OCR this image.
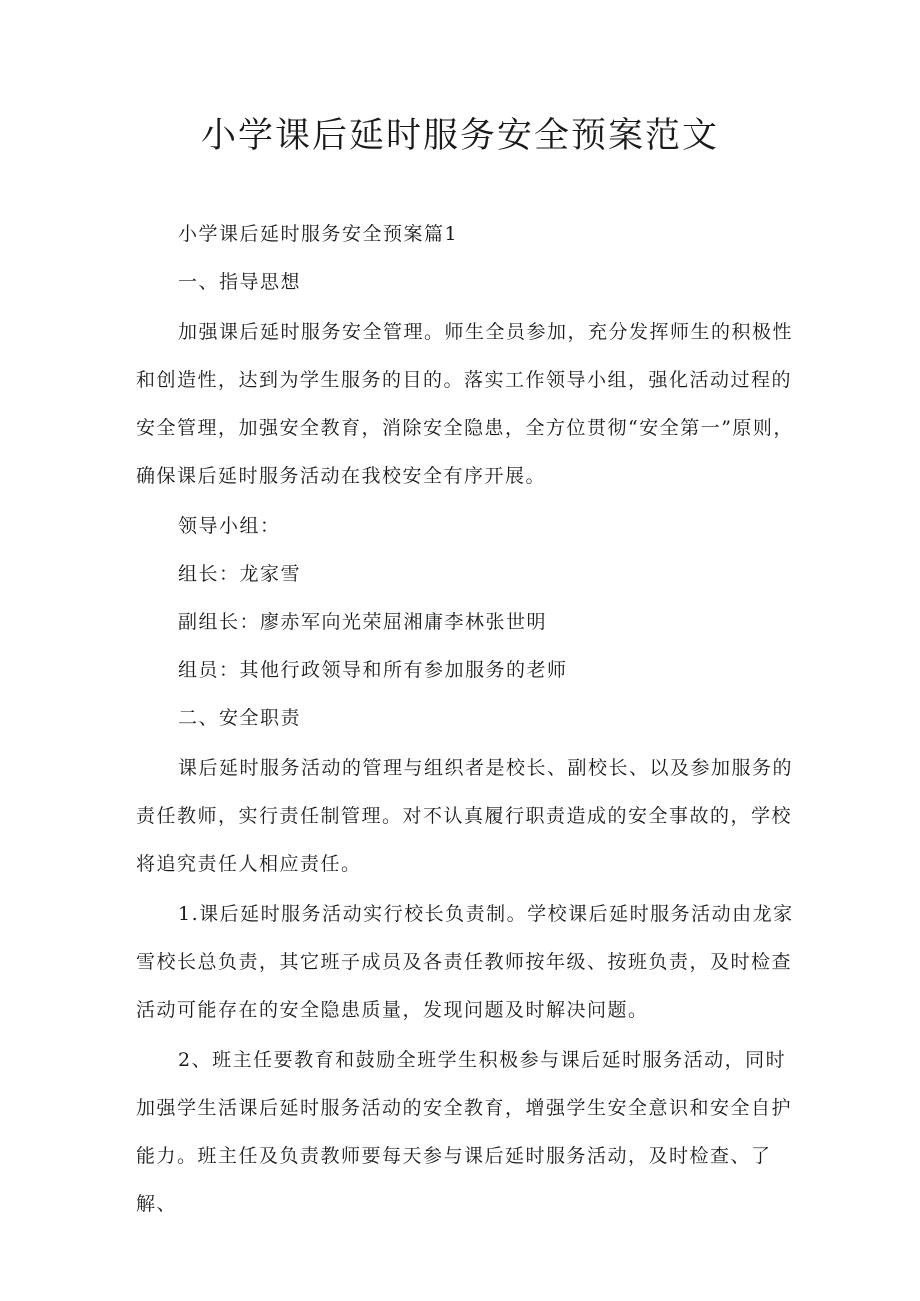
小学课后延时服务安全预案范文

小学课后延时服务安全预案篇1

一、指导思想

加强课后延时服务安全管理。师生全员参加，充分发挥师生的积极性和创造性，达到为学生服务的目的。落实工作领导小组，强化活动过程的安全管理，加强安全教育，消除安全隐患，全方位贯彻“安全第一”原则，确保课后延时服务活动在我校安全有序开展。

领导小组：

组长：龙家雪

副组长：廖赤军向光荣屈湘庸李林张世明

组员：其他行政领导和所有参加服务的老师

二、安全职责

课后延时服务活动的管理与组织者是校长、副校长、以及参加服务的责任教师，实行责任制管理。对不认真履行职责造成的安全事故的，学校将追究责任人相应责任。

1.课后延时服务活动实行校长负责制。学校课后延时服务活动由龙家雪校长总负责，其它班子成员及各责任教师按年级、按班负责，及时检查活动可能存在的安全隐患质量，发现问题及时解决问题。

2、班主任要教育和鼓励全班学生积极参与课后延时服务活动，同时加强学生活课后延时服务活动的安全教育，增强学生安全意识和安全自护能力。班主任及负责教师要每天参与课后延时服务活动，及时检查、了解、
